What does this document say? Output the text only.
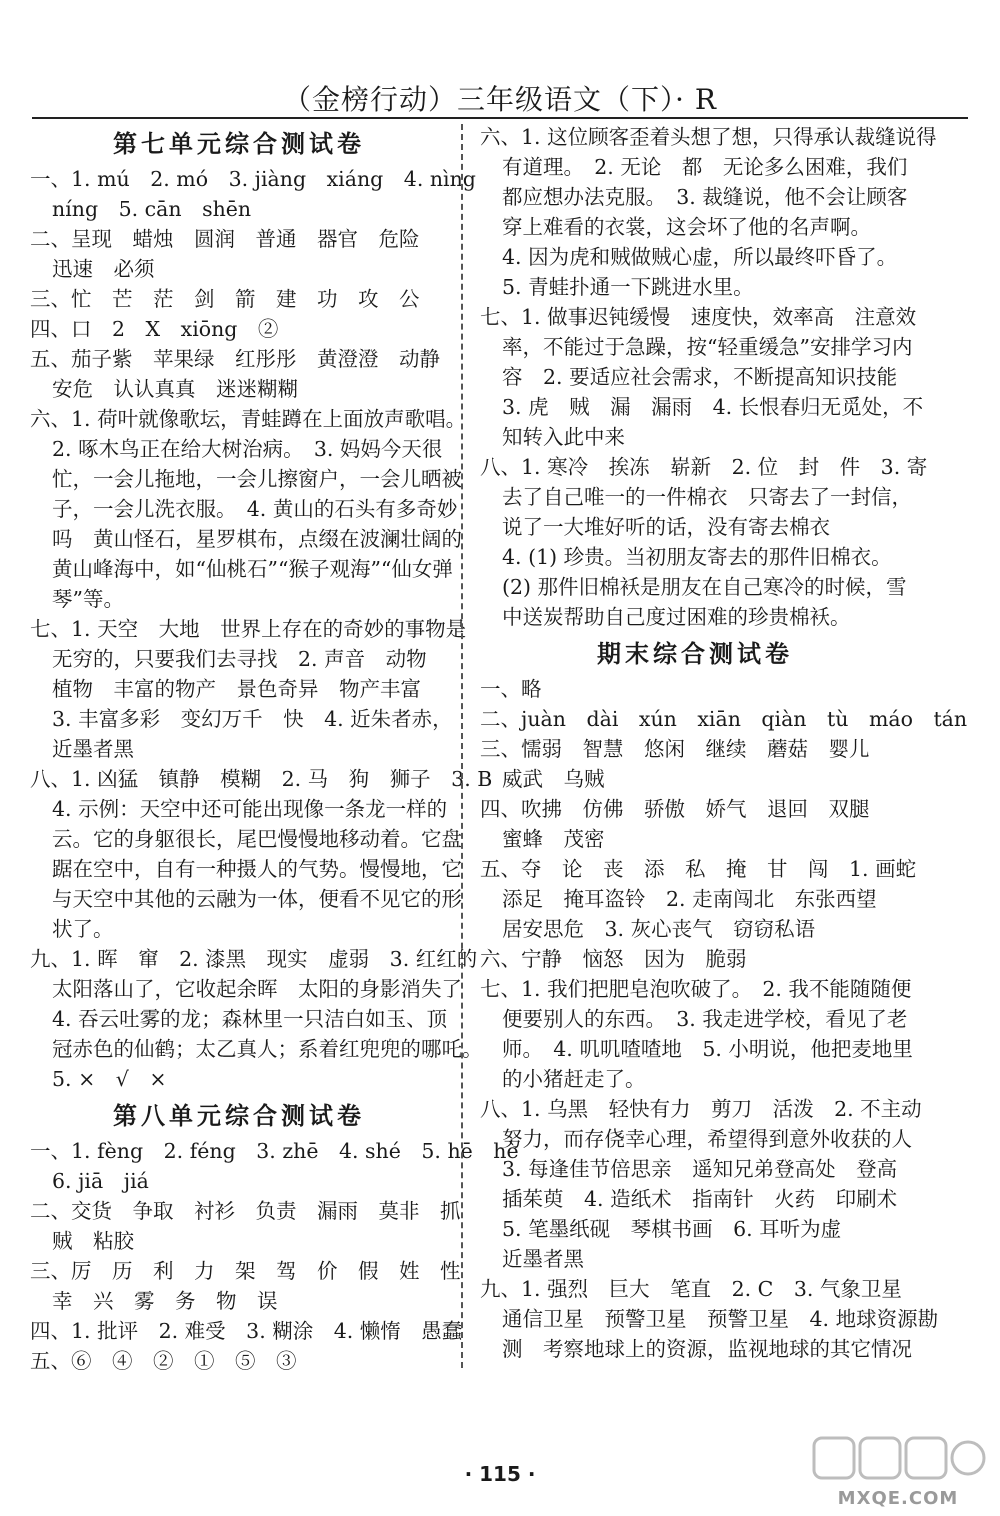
（金榜行动）三年级语文（下）· R
第七单元综合测试卷
一、1. mú　2. mó　3. jiàng　xiáng　4. nìng
níng　5. cān　shēn
二、呈现　蜡烛　圆润　普通　器官　危险
迅速　必须
三、忙　芒　茫　剑　箭　建　功　攻　公
四、口　2　X　xiōng　②
五、茄子紫　苹果绿　红彤彤　黄澄澄　动静
安危　认认真真　迷迷糊糊
六、1. 荷叶就像歌坛，青蛙蹲在上面放声歌唱。
2. 啄木鸟正在给大树治病。　3. 妈妈今天很
忙，一会儿拖地，一会儿擦窗户，一会儿晒被
子，一会儿洗衣服。　4. 黄山的石头有多奇妙
吗　黄山怪石，星罗棋布，点缀在波澜壮阔的
黄山峰海中，如“仙桃石”“猴子观海”“仙女弹
琴”等。
七、1. 天空　大地　世界上存在的奇妙的事物是
无穷的，只要我们去寻找　2. 声音　动物
植物　丰富的物产　景色奇异　物产丰富
3. 丰富多彩　变幻万千　快　4. 近朱者赤，
近墨者黑
八、1. 凶猛　镇静　模糊　2. 马　狗　狮子　3. B
4. 示例：天空中还可能出现像一条龙一样的
云。它的身躯很长，尾巴慢慢地移动着。它盘
踞在空中，自有一种摄人的气势。慢慢地，它
与天空中其他的云融为一体，便看不见它的形
状了。
九、1. 晖　窜　2. 漆黑　现实　虚弱　3. 红红的
太阳落山了，它收起余晖　太阳的身影消失了
4. 吞云吐雾的龙；森林里一只洁白如玉、顶
冠赤色的仙鹤；太乙真人；系着红兜兜的哪吒。
5. ×　√　×
第八单元综合测试卷
一、1. fèng　2. féng　3. zhē　4. shé　5. hē　hè
6. jiā　jiá
二、交货　争取　衬衫　负责　漏雨　莫非　抓
贼　粘胶
三、厉　历　利　力　架　驾　价　假　姓　性
幸　兴　雾　务　物　误
四、1. 批评　2. 难受　3. 糊涂　4. 懒惰　愚蠢
五、⑥　④　②　①　⑤　③
六、1. 这位顾客歪着头想了想，只得承认裁缝说得
有道理。　2. 无论　都　无论多么困难，我们
都应想办法克服。　3. 裁缝说，他不会让顾客
穿上难看的衣裳，这会坏了他的名声啊。
4. 因为虎和贼做贼心虚，所以最终吓昏了。
5. 青蛙扑通一下跳进水里。
七、1. 做事迟钝缓慢　速度快，效率高　注意效
率，不能过于急躁，按“轻重缓急”安排学习内
容　2. 要适应社会需求，不断提高知识技能
3. 虎　贼　漏　漏雨　4. 长恨春归无觅处，不
知转入此中来
八、1. 寒冷　挨冻　崭新　2. 位　封　件　3. 寄
去了自己唯一的一件棉衣　只寄去了一封信，
说了一大堆好听的话，没有寄去棉衣
4. (1) 珍贵。当初朋友寄去的那件旧棉衣。
(2) 那件旧棉袄是朋友在自己寒冷的时候，雪
中送炭帮助自己度过困难的珍贵棉袄。
期末综合测试卷
一、略
二、juàn　dài　xún　xiān　qiàn　tù　máo　tán
三、懦弱　智慧　悠闲　继续　蘑菇　婴儿
威武　乌贼
四、吹拂　仿佛　骄傲　娇气　退回　双腿
蜜蜂　茂密
五、夺　论　丧　添　私　掩　甘　闯　1. 画蛇
添足　掩耳盗铃　2. 走南闯北　东张西望
居安思危　3. 灰心丧气　窃窃私语
六、宁静　恼怒　因为　脆弱
七、1. 我们把肥皂泡吹破了。　2. 我不能随随便
便要别人的东西。　3. 我走进学校，看见了老
师。　4. 叽叽喳喳地　5. 小明说，他把麦地里
的小猪赶走了。
八、1. 乌黑　轻快有力　剪刀　活泼　2. 不主动
努力，而存侥幸心理，希望得到意外收获的人
3. 每逢佳节倍思亲　遥知兄弟登高处　登高
插茱萸　4. 造纸术　指南针　火药　印刷术
5. 笔墨纸砚　琴棋书画　6. 耳听为虚
近墨者黑
九、1. 强烈　巨大　笔直　2. C　3. 气象卫星
通信卫星　预警卫星　预警卫星　4. 地球资源勘
测　考察地球上的资源，监视地球的其它情况
· 115 ·
MXQE.COM
